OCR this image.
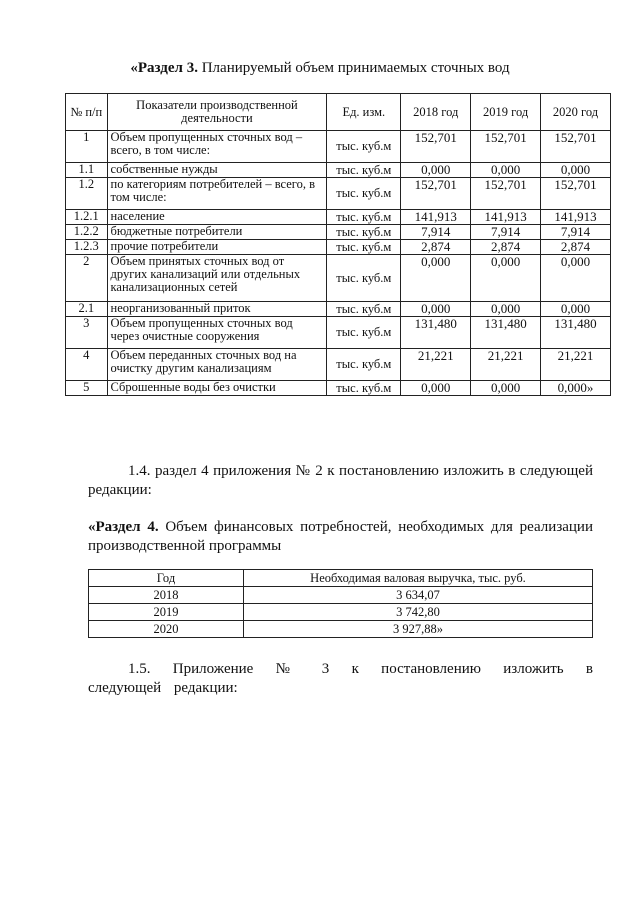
«Раздел 3. Планируемый объем принимаемых сточных вод
№ п/п	Показатели производственной деятельности	Ед. изм.	2018 год	2019 год	2020 год
1	Объем пропущенных сточных вод – всего, в том числе:	тыс. куб.м	152,701	152,701	152,701
1.1	собственные нужды	тыс. куб.м	0,000	0,000	0,000
1.2	по категориям потребителей – всего, в том числе:	тыс. куб.м	152,701	152,701	152,701
1.2.1	население	тыс. куб.м	141,913	141,913	141,913
1.2.2	бюджетные потребители	тыс. куб.м	7,914	7,914	7,914
1.2.3	прочие потребители	тыс. куб.м	2,874	2,874	2,874
2	Объем принятых сточных вод от других канализаций или отдельных канализационных сетей	тыс. куб.м	0,000	0,000	0,000
2.1	неорганизованный приток	тыс. куб.м	0,000	0,000	0,000
3	Объем пропущенных сточных вод через очистные сооружения	тыс. куб.м	131,480	131,480	131,480
4	Объем переданных сточных вод на очистку другим канализациям	тыс. куб.м	21,221	21,221	21,221
5	Сброшенные воды без очистки	тыс. куб.м	0,000	0,000	0,000»

1.4. раздел 4 приложения № 2 к постановлению изложить в следующей редакции:

«Раздел 4. Объем финансовых потребностей, необходимых для реализации производственной программы

Год	Необходимая валовая выручка, тыс. руб.
2018	3 634,07
2019	3 742,80
2020	3 927,88»

1.5. Приложение № 3 к постановлению изложить в следующей редакции:
